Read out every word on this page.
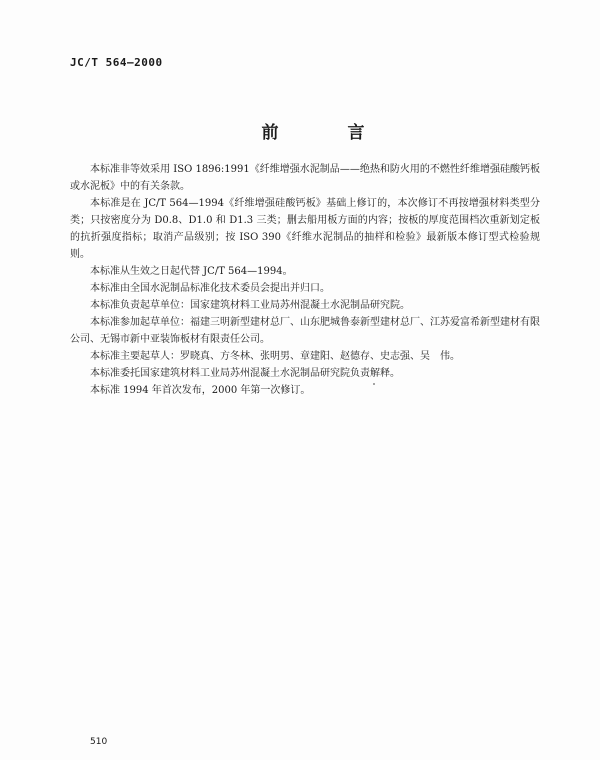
JC/T 564—2000
前　言

本标准非等效采用 ISO 1896:1991《纤维增强水泥制品——绝热和防火用的不燃性纤维增强硅酸钙板或水泥板》中的有关条款。

本标准是在 JC/T 564—1994《纤维增强硅酸钙板》基础上修订的，本次修订不再按增强材料类型分类；只按密度分为 D0.8、D1.0 和 D1.3 三类；删去船用板方面的内容；按板的厚度范围档次重新划定板的抗折强度指标；取消产品级别；按 ISO 390《纤维水泥制品的抽样和检验》最新版本修订型式检验规则。

本标准从生效之日起代替 JC/T 564—1994。

本标准由全国水泥制品标准化技术委员会提出并归口。

本标准负责起草单位：国家建筑材料工业局苏州混凝土水泥制品研究院。

本标准参加起草单位：福建三明新型建材总厂、山东肥城鲁泰新型建材总厂、江苏爱富希新型建材有限公司、无锡市新中亚装饰板材有限责任公司。

本标准主要起草人：罗晓真、方冬林、张明男、章建阳、赵德存、史志强、吴　伟。

本标准委托国家建筑材料工业局苏州混凝土水泥制品研究院负责解释。

本标准 1994 年首次发布，2000 年第一次修订。

510
